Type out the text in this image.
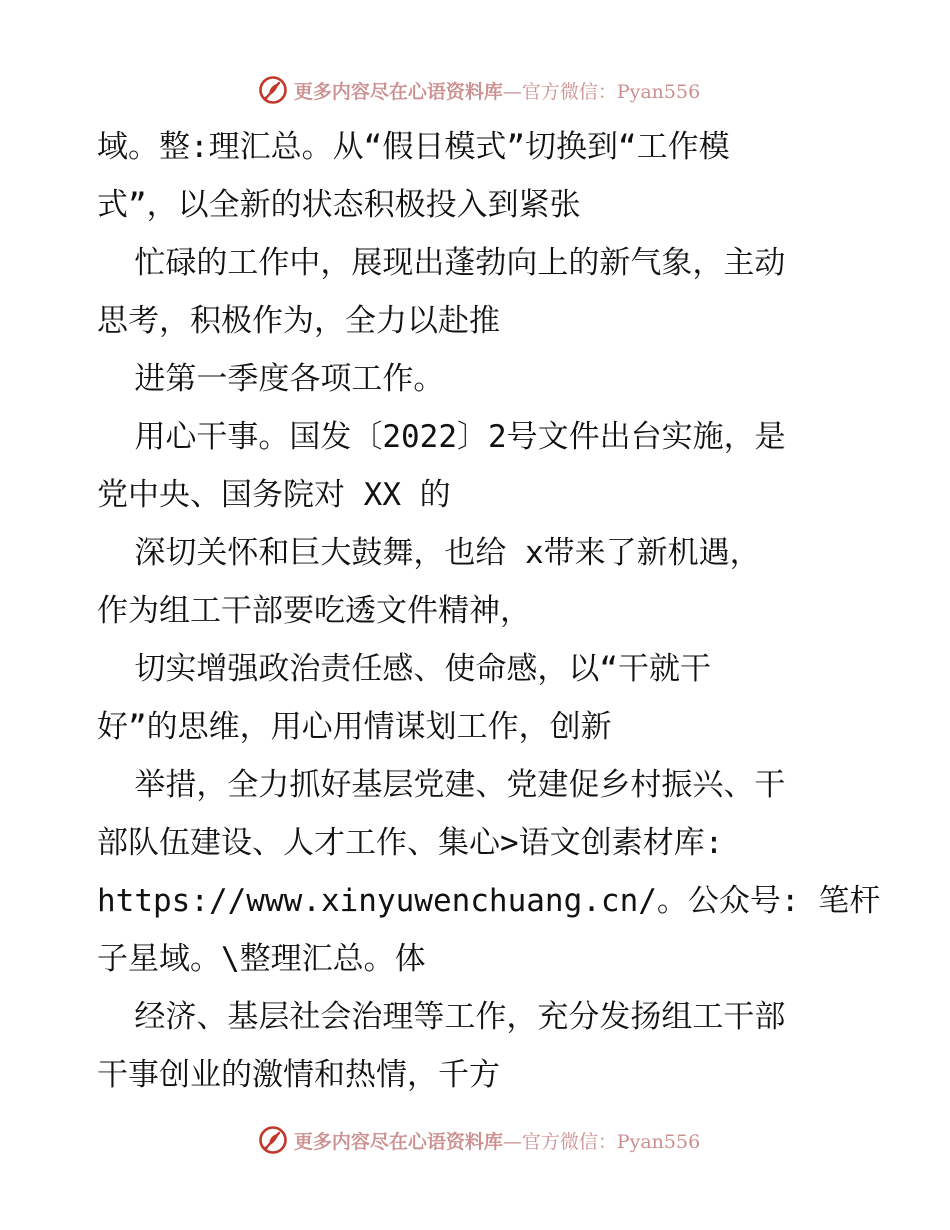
更多内容尽在心语资料库—官方微信：Pyan556
域。整:理汇总。从“假日模式”切换到“工作模
式”，以全新的状态积极投入到紧张
忙碌的工作中，展现出蓬勃向上的新气象，主动
思考，积极作为，全力以赴推
进第一季度各项工作。
用心干事。国发〔2022〕2号文件出台实施，是
党中央、国务院对 XX 的
深切关怀和巨大鼓舞，也给 x带来了新机遇，
作为组工干部要吃透文件精神，
切实增强政治责任感、使命感，以“干就干
好”的思维，用心用情谋划工作，创新
举措，全力抓好基层党建、党建促乡村振兴、干
部队伍建设、人才工作、集心>语文创素材库:
https://www.xinyuwenchuang.cn/。公众号: 笔杆
子星域。\整理汇总。体
经济、基层社会治理等工作，充分发扬组工干部
干事创业的激情和热情，千方
更多内容尽在心语资料库—官方微信：Pyan556
